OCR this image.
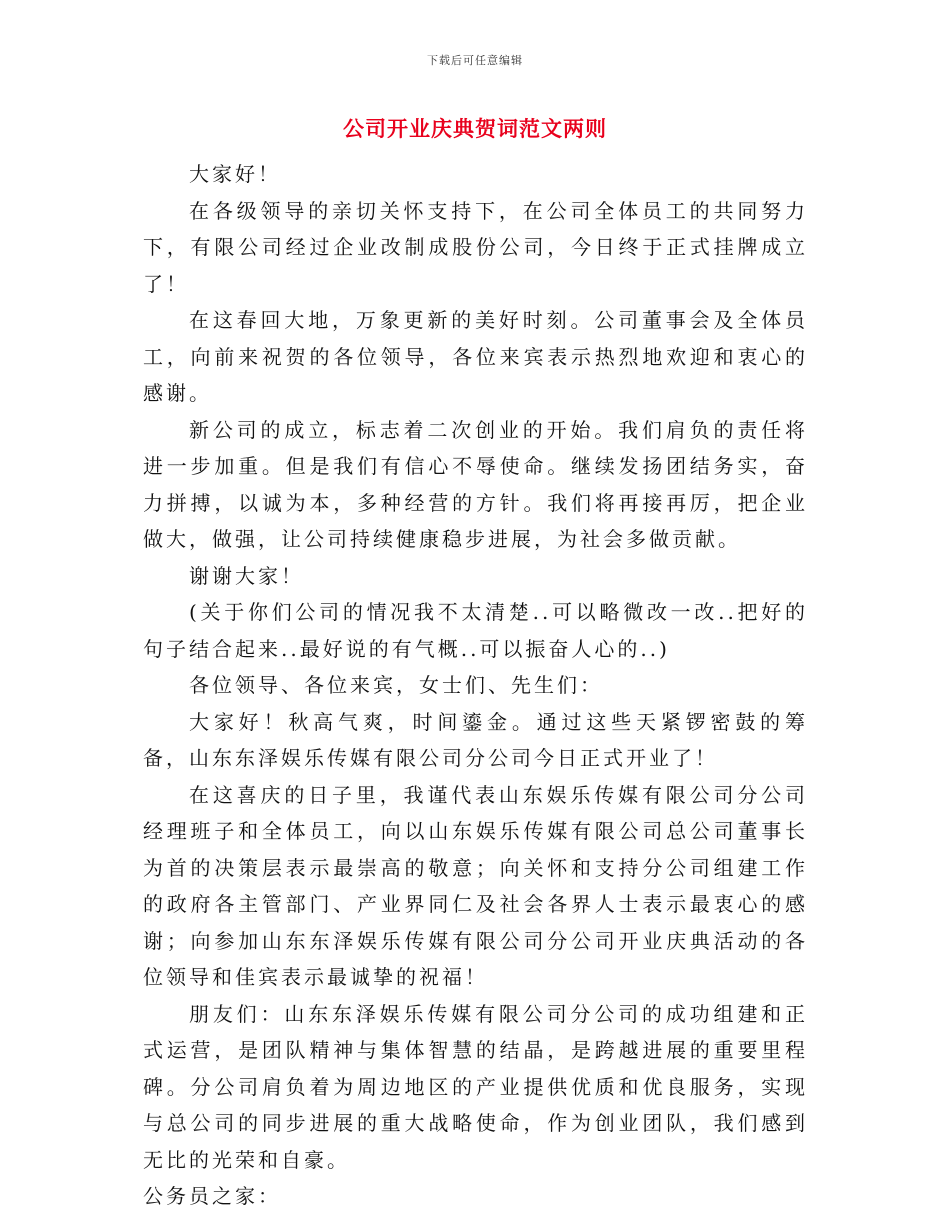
下载后可任意编辑
公司开业庆典贺词范文两则

大家好！

在各级领导的亲切关怀支持下，在公司全体员工的共同努力下，有限公司经过企业改制成股份公司，今日终于正式挂牌成立了！

在这春回大地，万象更新的美好时刻。公司董事会及全体员工，向前来祝贺的各位领导，各位来宾表示热烈地欢迎和衷心的感谢。

新公司的成立，标志着二次创业的开始。我们肩负的责任将进一步加重。但是我们有信心不辱使命。继续发扬团结务实，奋力拼搏，以诚为本，多种经营的方针。我们将再接再厉，把企业做大，做强，让公司持续健康稳步进展，为社会多做贡献。

谢谢大家！

(关于你们公司的情况我不太清楚..可以略微改一改..把好的句子结合起来..最好说的有气概..可以振奋人心的..)

各位领导、各位来宾，女士们、先生们：

大家好！秋高气爽，时间鎏金。通过这些天紧锣密鼓的筹备，山东东泽娱乐传媒有限公司分公司今日正式开业了！

在这喜庆的日子里，我谨代表山东娱乐传媒有限公司分公司经理班子和全体员工，向以山东娱乐传媒有限公司总公司董事长为首的决策层表示最崇高的敬意；向关怀和支持分公司组建工作的政府各主管部门、产业界同仁及社会各界人士表示最衷心的感谢；向参加山东东泽娱乐传媒有限公司分公司开业庆典活动的各位领导和佳宾表示最诚挚的祝福！

朋友们：山东东泽娱乐传媒有限公司分公司的成功组建和正式运营，是团队精神与集体智慧的结晶，是跨越进展的重要里程碑。分公司肩负着为周边地区的产业提供优质和优良服务，实现与总公司的同步进展的重大战略使命，作为创业团队，我们感到无比的光荣和自豪。

公务员之家：
